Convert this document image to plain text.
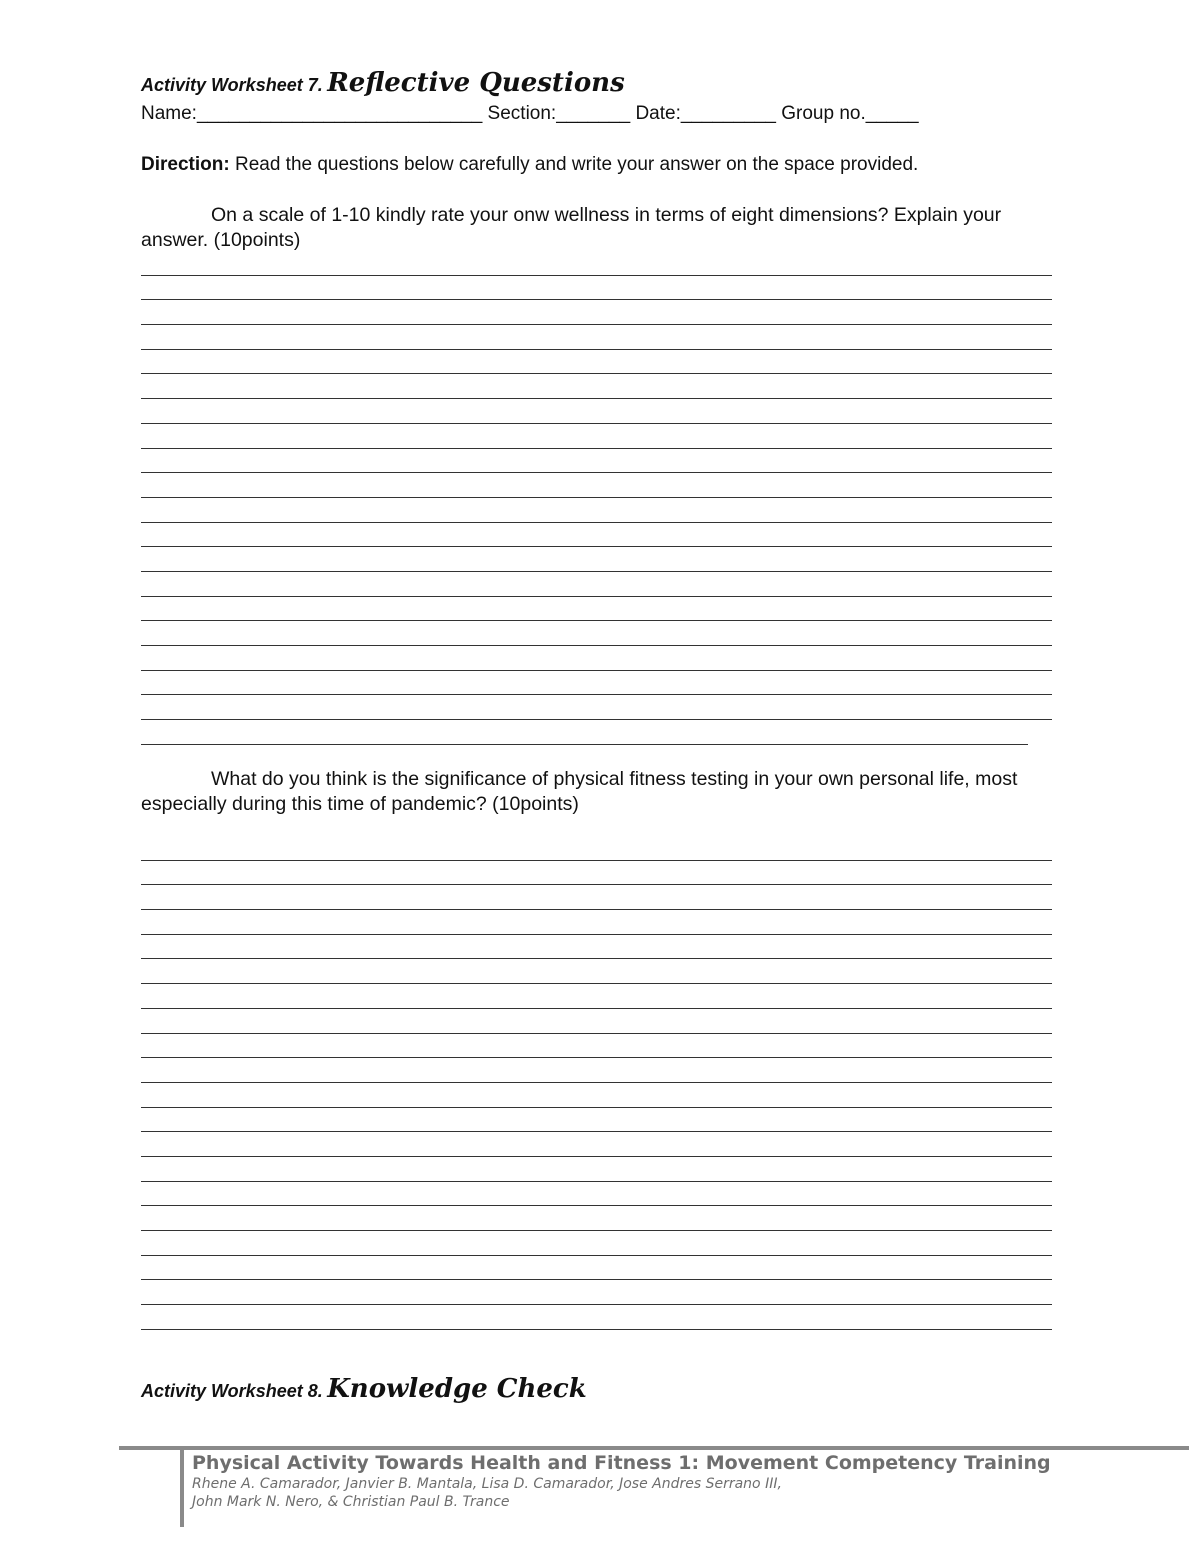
Activity Worksheet 7. Reflective Questions
Name:___________________________ Section:_______ Date:_________ Group no._____
Direction: Read the questions below carefully and write your answer on the space provided.
On a scale of 1-10 kindly rate your onw wellness in terms of eight dimensions? Explain your answer. (10points)
What do you think is the significance of physical fitness testing in your own personal life, most especially during this time of pandemic? (10points)
Activity Worksheet 8. Knowledge Check
Physical Activity Towards Health and Fitness 1: Movement Competency Training
Rhene A. Camarador, Janvier B. Mantala, Lisa D. Camarador, Jose Andres Serrano III,
John Mark N. Nero, & Christian Paul B. Trance
